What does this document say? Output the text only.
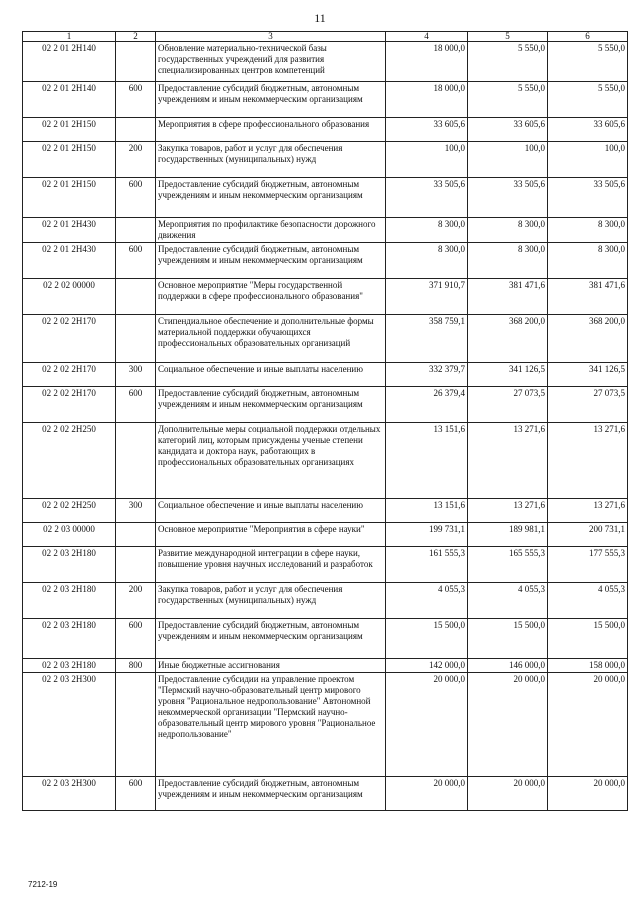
11
1	2	3	4	5	6
02 2 01 2Н140		Обновление материально-технической базы государственных учреждений для развития специализированных центров компетенций	18 000,0	5 550,0	5 550,0
02 2 01 2Н140	600	Предоставление субсидий бюджетным, автономным учреждениям и иным некоммерческим организациям	18 000,0	5 550,0	5 550,0
02 2 01 2Н150		Мероприятия в сфере профессионального образования	33 605,6	33 605,6	33 605,6
02 2 01 2Н150	200	Закупка товаров, работ и услуг для обеспечения государственных (муниципальных) нужд	100,0	100,0	100,0
02 2 01 2Н150	600	Предоставление субсидий бюджетным, автономным учреждениям и иным некоммерческим организациям	33 505,6	33 505,6	33 505,6
02 2 01 2Н430		Мероприятия по профилактике безопасности дорожного движения	8 300,0	8 300,0	8 300,0
02 2 01 2Н430	600	Предоставление субсидий бюджетным, автономным учреждениям и иным некоммерческим организациям	8 300,0	8 300,0	8 300,0
02 2 02 00000		Основное мероприятие "Меры государственной поддержки в сфере профессионального образования"	371 910,7	381 471,6	381 471,6
02 2 02 2Н170		Стипендиальное обеспечение и дополнительные формы материальной поддержки обучающихся профессиональных образовательных организаций	358 759,1	368 200,0	368 200,0
02 2 02 2Н170	300	Социальное обеспечение и иные выплаты населению	332 379,7	341 126,5	341 126,5
02 2 02 2Н170	600	Предоставление субсидий бюджетным, автономным учреждениям и иным некоммерческим организациям	26 379,4	27 073,5	27 073,5
02 2 02 2Н250		Дополнительные меры социальной поддержки отдельных категорий лиц, которым присуждены ученые степени кандидата и доктора наук, работающих в профессиональных образовательных организациях	13 151,6	13 271,6	13 271,6
02 2 02 2Н250	300	Социальное обеспечение и иные выплаты населению	13 151,6	13 271,6	13 271,6
02 2 03 00000		Основное мероприятие "Мероприятия в сфере науки"	199 731,1	189 981,1	200 731,1
02 2 03 2Н180		Развитие международной интеграции в сфере науки, повышение уровня научных исследований и разработок	161 555,3	165 555,3	177 555,3
02 2 03 2Н180	200	Закупка товаров, работ и услуг для обеспечения государственных (муниципальных) нужд	4 055,3	4 055,3	4 055,3
02 2 03 2Н180	600	Предоставление субсидий бюджетным, автономным учреждениям и иным некоммерческим организациям	15 500,0	15 500,0	15 500,0
02 2 03 2Н180	800	Иные бюджетные ассигнования	142 000,0	146 000,0	158 000,0
02 2 03 2Н300		Предоставление субсидии на управление проектом "Пермский научно-образовательный центр мирового уровня "Рациональное недропользование" Автономной некоммерческой организации "Пермский научно-образовательный центр мирового уровня "Рациональное недропользование"	20 000,0	20 000,0	20 000,0
02 2 03 2Н300	600	Предоставление субсидий бюджетным, автономным учреждениям и иным некоммерческим организациям	20 000,0	20 000,0	20 000,0
7212-19
